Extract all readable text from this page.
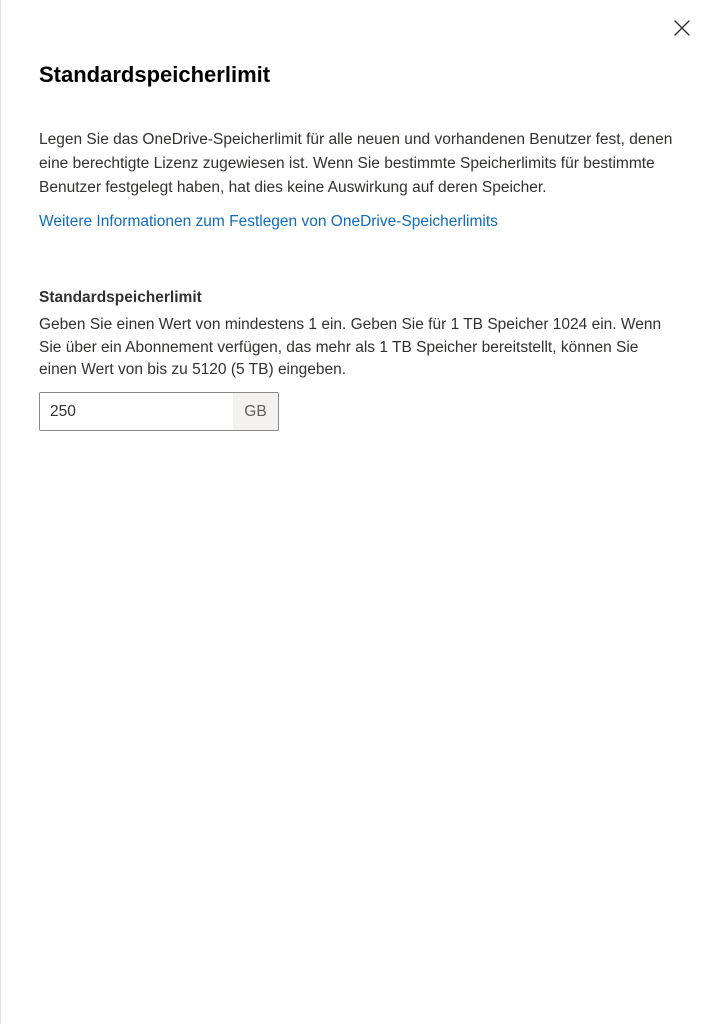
Standardspeicherlimit

Legen Sie das OneDrive-Speicherlimit für alle neuen und vorhandenen Benutzer fest, denen eine berechtigte Lizenz zugewiesen ist. Wenn Sie bestimmte Speicherlimits für bestimmte Benutzer festgelegt haben, hat dies keine Auswirkung auf deren Speicher.

Weitere Informationen zum Festlegen von OneDrive-Speicherlimits

Standardspeicherlimit

Geben Sie einen Wert von mindestens 1 ein. Geben Sie für 1 TB Speicher 1024 ein. Wenn Sie über ein Abonnement verfügen, das mehr als 1 TB Speicher bereitstellt, können Sie einen Wert von bis zu 5120 (5 TB) eingeben.

250
GB
